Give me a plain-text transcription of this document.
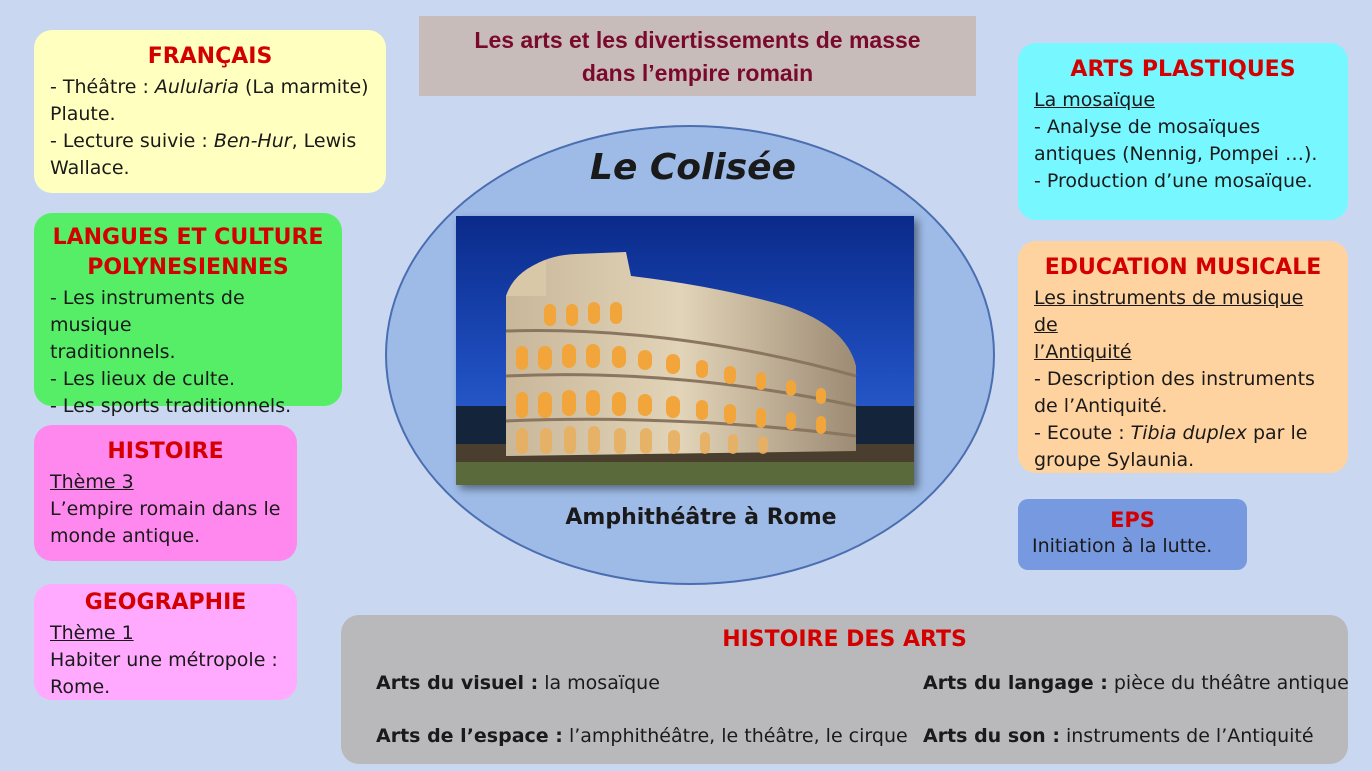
Les arts et les divertissements de masse
dans l’empire romain
FRANÇAIS
- Théâtre : Aulularia (La marmite)
Plaute.
- Lecture suivie : Ben-Hur, Lewis
Wallace.
LANGUES ET CULTURE
POLYNESIENNES
- Les instruments de musique
traditionnels.
- Les lieux de culte.
- Les sports traditionnels.
HISTOIRE
Thème 3
L’empire romain dans le
monde antique.
GEOGRAPHIE
Thème 1
Habiter une métropole :
Rome.
ARTS PLASTIQUES
La mosaïque
- Analyse de mosaïques
antiques (Nennig, Pompei …).
- Production d’une mosaïque.
EDUCATION MUSICALE
Les instruments de musique de
l’Antiquité
- Description des instruments
de l’Antiquité.
- Ecoute : Tibia duplex par le
groupe Sylaunia.
EPS
Initiation à la lutte.
Le Colisée
Amphithéâtre à Rome
HISTOIRE DES ARTS
Arts du visuel : la mosaïque	Arts du langage : pièce du théâtre antique
Arts de l’espace : l’amphithéâtre, le théâtre, le cirque Arts du son : instruments de l’Antiquité
